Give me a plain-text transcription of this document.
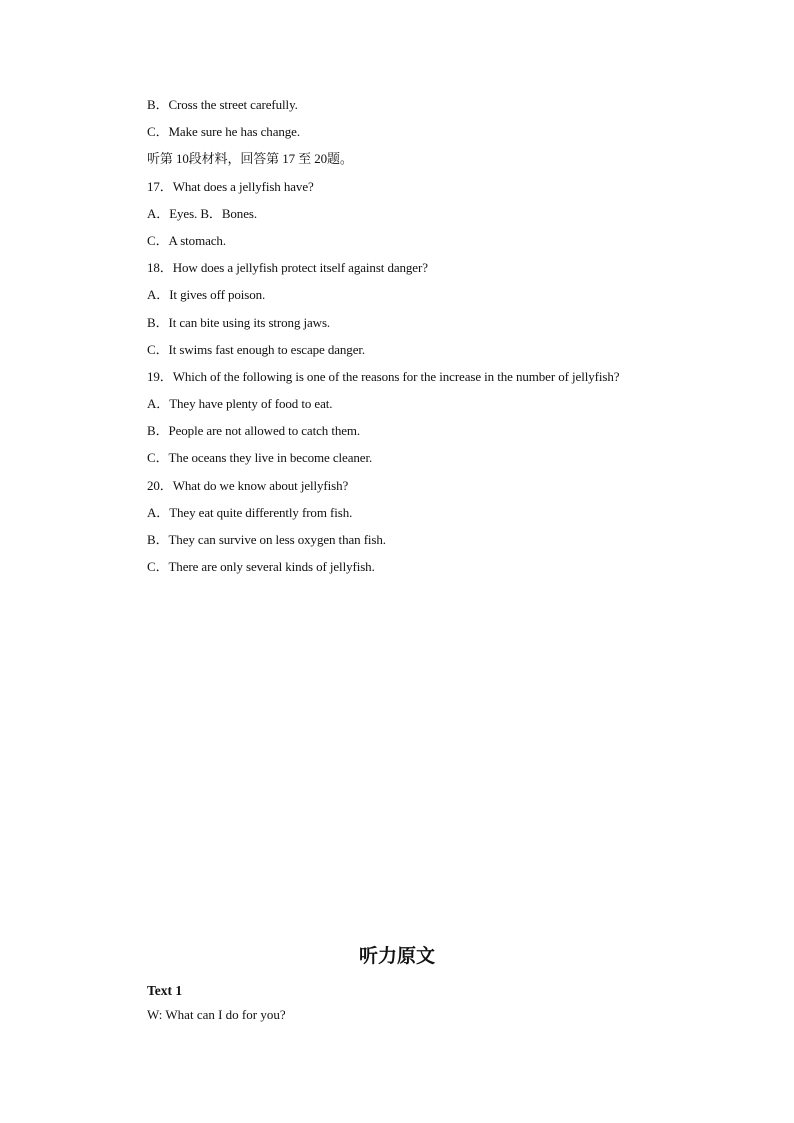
B．Cross the street carefully.
C．Make sure he has change.
听第 10段材料，回答第 17 至 20题。
17．What does a jellyfish have?
A．Eyes. B．Bones.
C．A stomach.
18．How does a jellyfish protect itself against danger?
A．It gives off poison.
B．It can bite using its strong jaws.
C．It swims fast enough to escape danger.
19．Which of the following is one of the reasons for the increase in the number of jellyfish?
A．They have plenty of food to eat.
B．People are not allowed to catch them.
C．The oceans they live in become cleaner.
20．What do we know about jellyfish?
A．They eat quite differently from fish.
B．They can survive on less oxygen than fish.
C．There are only several kinds of jellyfish.
听力原文

Text 1

W: What can I do for you?
